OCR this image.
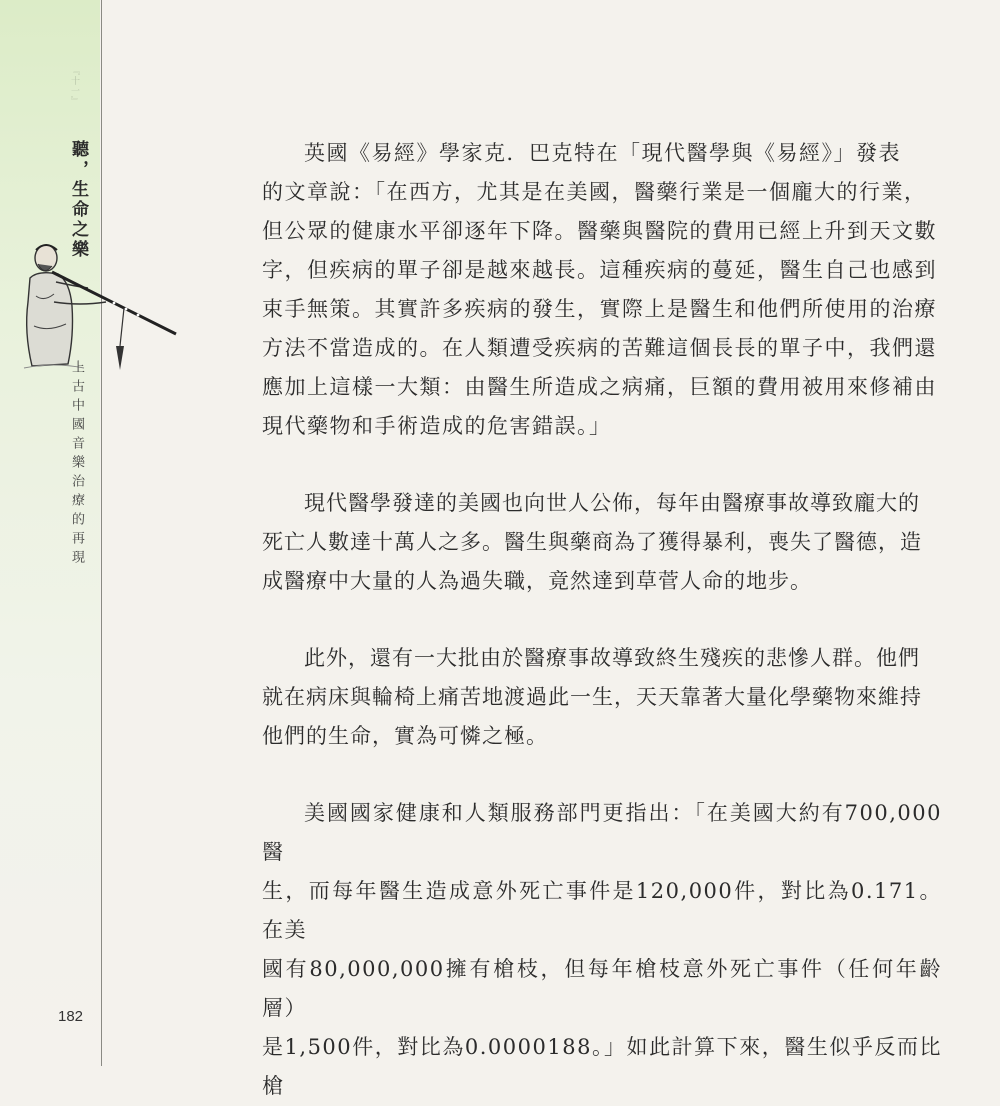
『十一』
聽，生命之樂
上古中國音樂治療的再現
182

英國《易經》學家克．巴克特在「現代醫學與《易經》」發表
的文章說：「在西方，尤其是在美國，醫藥行業是一個龐大的行業，
但公眾的健康水平卻逐年下降。醫藥與醫院的費用已經上升到天文數
字，但疾病的單子卻是越來越長。這種疾病的蔓延，醫生自己也感到
束手無策。其實許多疾病的發生，實際上是醫生和他們所使用的治療
方法不當造成的。在人類遭受疾病的苦難這個長長的單子中，我們還
應加上這樣一大類：由醫生所造成之病痛，巨額的費用被用來修補由
現代藥物和手術造成的危害錯誤。」

現代醫學發達的美國也向世人公佈，每年由醫療事故導致龐大的
死亡人數達十萬人之多。醫生與藥商為了獲得暴利，喪失了醫德，造
成醫療中大量的人為過失職，竟然達到草菅人命的地步。

此外，還有一大批由於醫療事故導致終生殘疾的悲慘人群。他們
就在病床與輪椅上痛苦地渡過此一生，天天靠著大量化學藥物來維持
他們的生命，實為可憐之極。

美國國家健康和人類服務部門更指出：「在美國大約有700,000醫
生，而每年醫生造成意外死亡事件是120,000件，對比為0.171。在美
國有80,000,000擁有槍枝，但每年槍枝意外死亡事件（任何年齡層）
是1,500件，對比為0.0000188。」如此計算下來，醫生似乎反而比槍
